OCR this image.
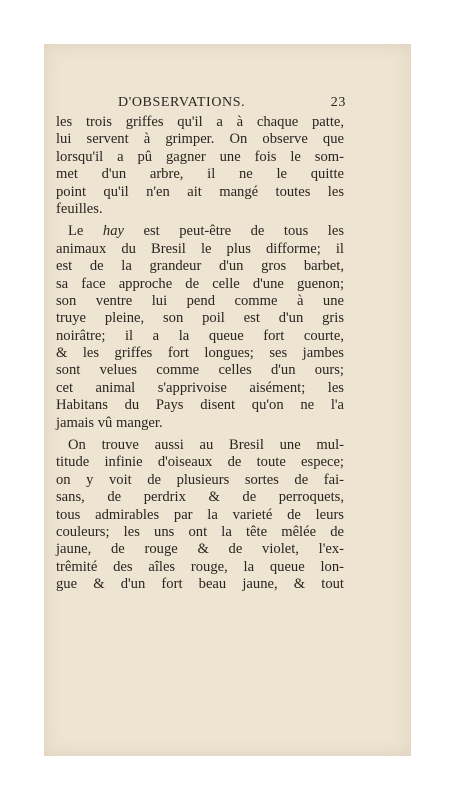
D'OBSERVATIONS.	23
les trois griffes qu'il a à chaque patte,
lui servent à grimper. On observe que
lorsqu'il a pû gagner une fois le som-
met d'un arbre, il ne le quitte
point qu'il n'en ait mangé toutes les
feuilles.
Le hay est peut-être de tous les
animaux du Bresil le plus difforme; il
est de la grandeur d'un gros barbet,
sa face approche de celle d'une guenon;
son ventre lui pend comme à une
truye pleine, son poil est d'un gris
noirâtre; il a la queue fort courte,
& les griffes fort longues; ses jambes
sont velues comme celles d'un ours;
cet animal s'apprivoise aisément; les
Habitans du Pays disent qu'on ne l'a
jamais vû manger.
On trouve aussi au Bresil une mul-
titude infinie d'oiseaux de toute espece;
on y voit de plusieurs sortes de fai-
sans, de perdrix & de perroquets,
tous admirables par la varieté de leurs
couleurs; les uns ont la tête mêlée de
jaune, de rouge & de violet, l'ex-
trêmité des aîles rouge, la queue lon-
gue & d'un fort beau jaune, & tout
